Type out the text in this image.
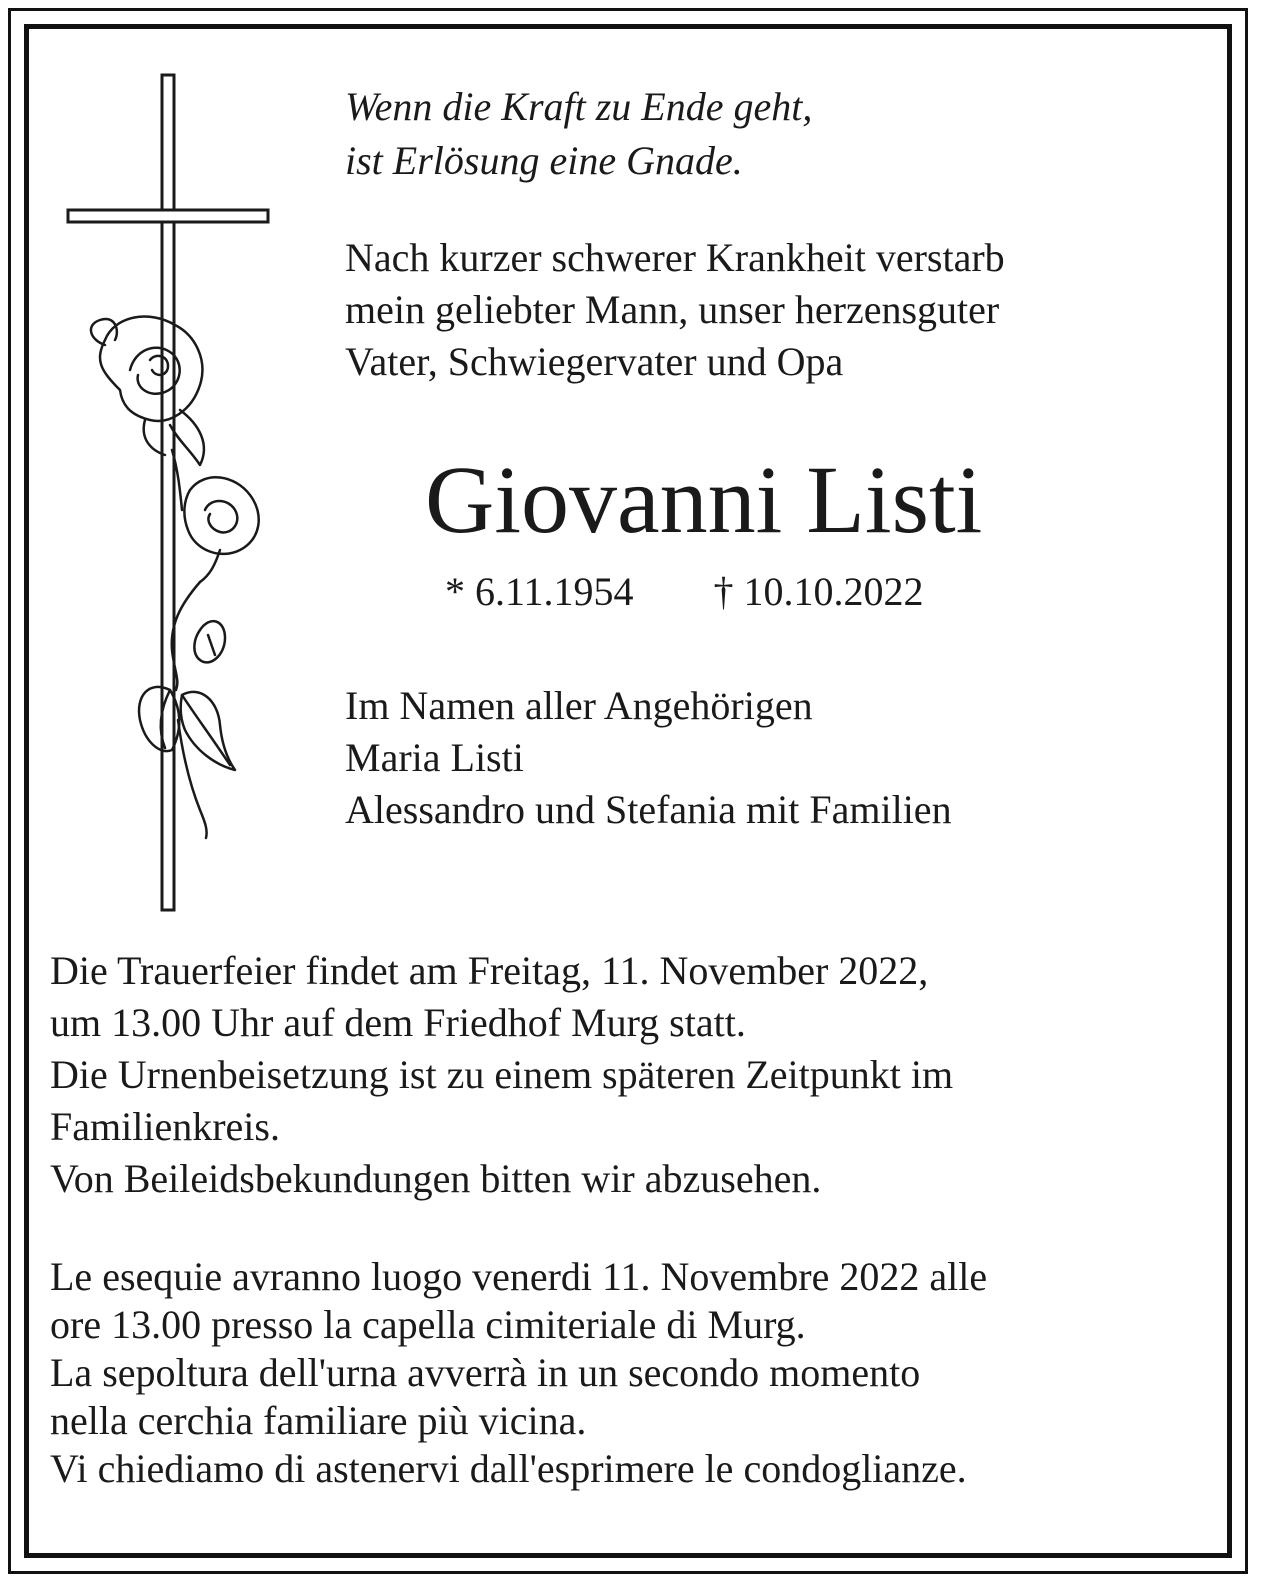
Wenn die Kraft zu Ende geht,
ist Erlösung eine Gnade.
Nach kurzer schwerer Krankheit verstarb
mein geliebter Mann, unser herzensguter
Vater, Schwiegervater und Opa
Giovanni Listi
* 6.11.1954 † 10.10.2022
Im Namen aller Angehörigen
Maria Listi
Alessandro und Stefania mit Familien
Die Trauerfeier findet am Freitag, 11. November 2022,
um 13.00 Uhr auf dem Friedhof Murg statt.
Die Urnenbeisetzung ist zu einem späteren Zeitpunkt im
Familienkreis.
Von Beileidsbekundungen bitten wir abzusehen.
Le esequie avranno luogo venerdi 11. Novembre 2022 alle
ore 13.00 presso la capella cimiteriale di Murg.
La sepoltura dell'urna avverrà in un secondo momento
nella cerchia familiare più vicina.
Vi chiediamo di astenervi dall'esprimere le condoglianze.
